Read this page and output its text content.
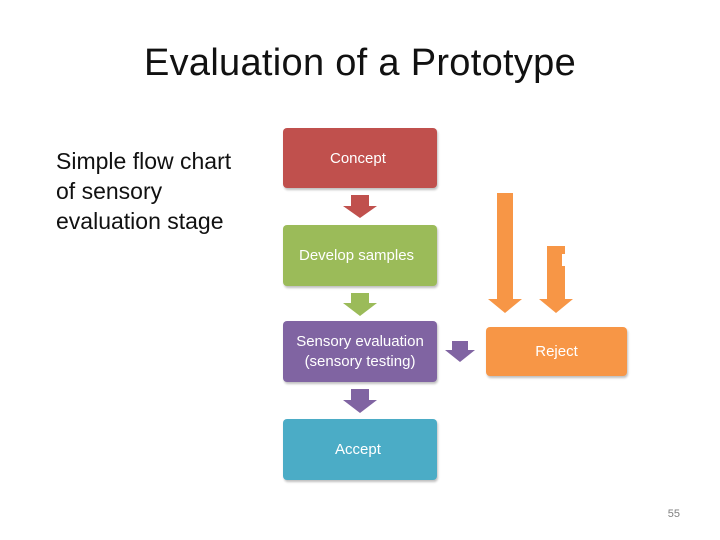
Evaluation of a Prototype
Simple flow chart
of sensory
evaluation stage
Concept
Develop samples
Sensory evaluation
(sensory testing)
Accept
Reject
55
